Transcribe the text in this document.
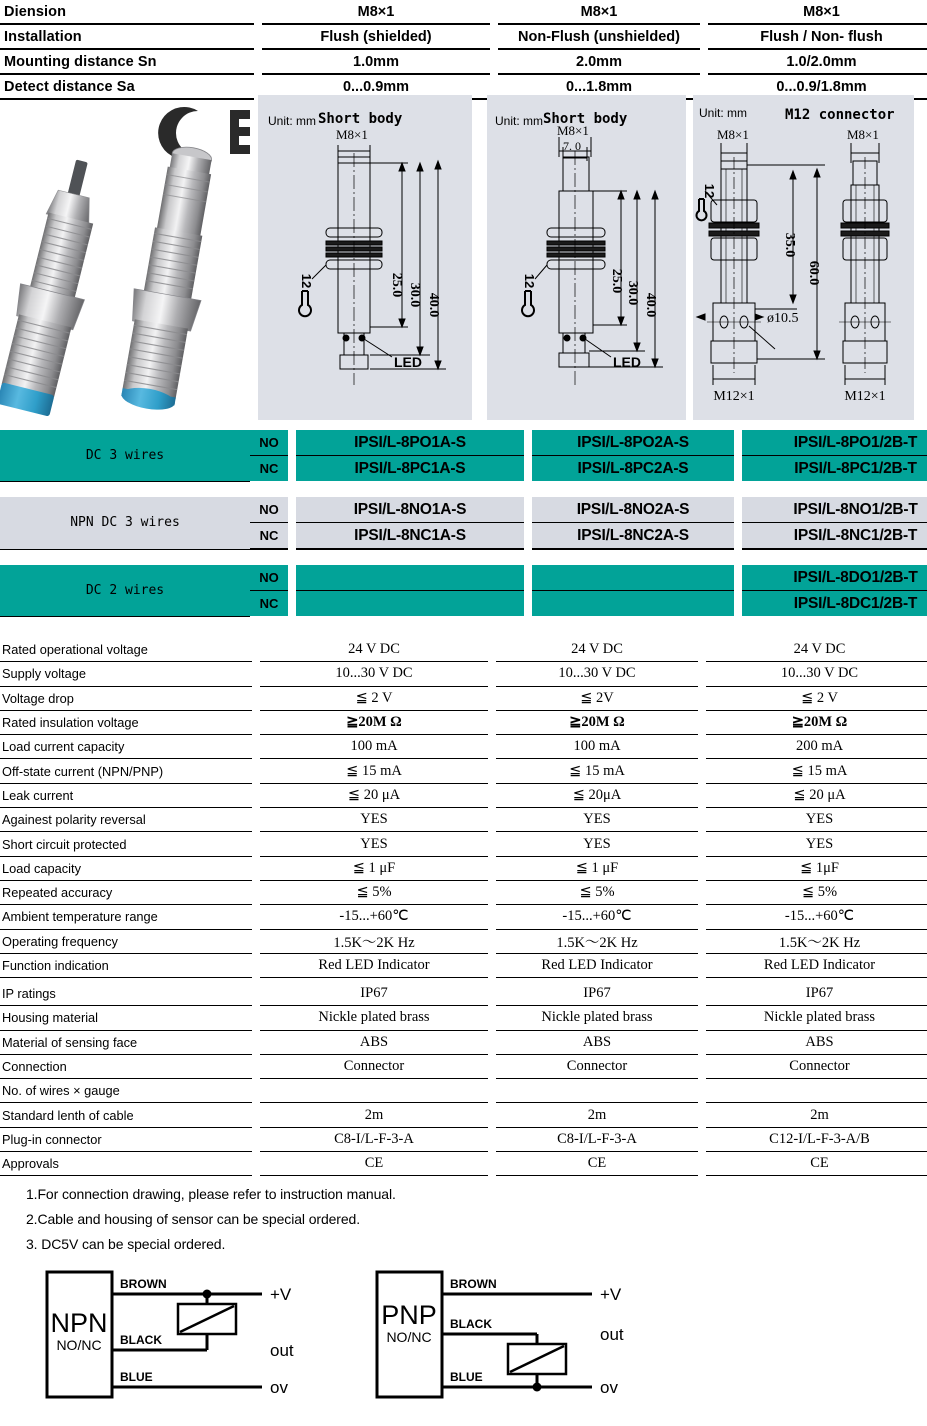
Diension		M8×1		M8×1		M8×1
Installation		Flush (shielded)		Non-Flush (unshielded)		Flush / Non- flush
Mounting distance Sn		1.0mm		2.0mm		1.0/2.0mm
Detect distance Sa		0...0.9mm		0...1.8mm		0...0.9/1.8mm
Unit: mm Short body
M8×1
25.0 30.0 40.0
12
LED
Unit: mm Short body
M8×1
7. 0
25.0 30.0 40.0
12
LED
Unit: mm	M12 connector
M8×1	M8×1
35.0
60.0
12
ø10.5
M12×1	M12×1
DC 3 wires	NO		IPSI/L-8PO1A-S		IPSI/L-8PO2A-S		IPSI/L-8PO1/2B-T
	NC		IPSI/L-8PC1A-S		IPSI/L-8PC2A-S		IPSI/L-8PC1/2B-T
NPN DC 3 wires	NO		IPSI/L-8NO1A-S		IPSI/L-8NO2A-S		IPSI/L-8NO1/2B-T
	NC		IPSI/L-8NC1A-S		IPSI/L-8NC2A-S		IPSI/L-8NC1/2B-T
DC 2 wires	NO						IPSI/L-8DO1/2B-T
	NC						IPSI/L-8DC1/2B-T
Rated operational voltage		24 V DC		24 V DC		24 V DC
Supply voltage		10...30 V DC		10...30 V DC		10...30 V DC
Voltage drop		≦ 2 V		≦ 2V		≦ 2 V
Rated insulation voltage		≧20M Ω		≧20M Ω		≧20M Ω
Load current capacity		100 mA		100 mA		200 mA
Off-state current (NPN/PNP)		≦ 15 mA		≦ 15 mA		≦ 15 mA
Leak current		≦ 20 μA		≦ 20μA		≦ 20 μA
Againest polarity reversal		YES		YES		YES
Short circuit protected		YES		YES		YES
Load capacity		≦ 1 μF		≦ 1 μF		≦ 1μF
Repeated accuracy		≦ 5%		≦ 5%		≦ 5%
Ambient temperature range		-15...+60℃		-15...+60℃		-15...+60℃
Operating frequency		1.5K～2K Hz		1.5K～2K Hz		1.5K～2K Hz
Function indication		Red LED Indicator		Red LED Indicator		Red LED Indicator
IP ratings		IP67		IP67		IP67
Housing material		Nickle plated brass		Nickle plated brass		Nickle plated brass
Material of sensing face		ABS		ABS		ABS
Connection		Connector		Connector		Connector
No. of wires × gauge						
Standard lenth of cable		2m		2m		2m
Plug-in connector		C8-I/L-F-3-A		C8-I/L-F-3-A		C12-I/L-F-3-A/B
Approvals		CE		CE		CE
1.For connection drawing, please refer to instruction manual.
2.Cable and housing of sensor can be special ordered.
3. DC5V can be special ordered.
NPN
NO/NC
BROWN
+V
BLACK
out
BLUE
ov
PNP
NO/NC
BROWN
+V
BLACK
out
BLUE
ov
